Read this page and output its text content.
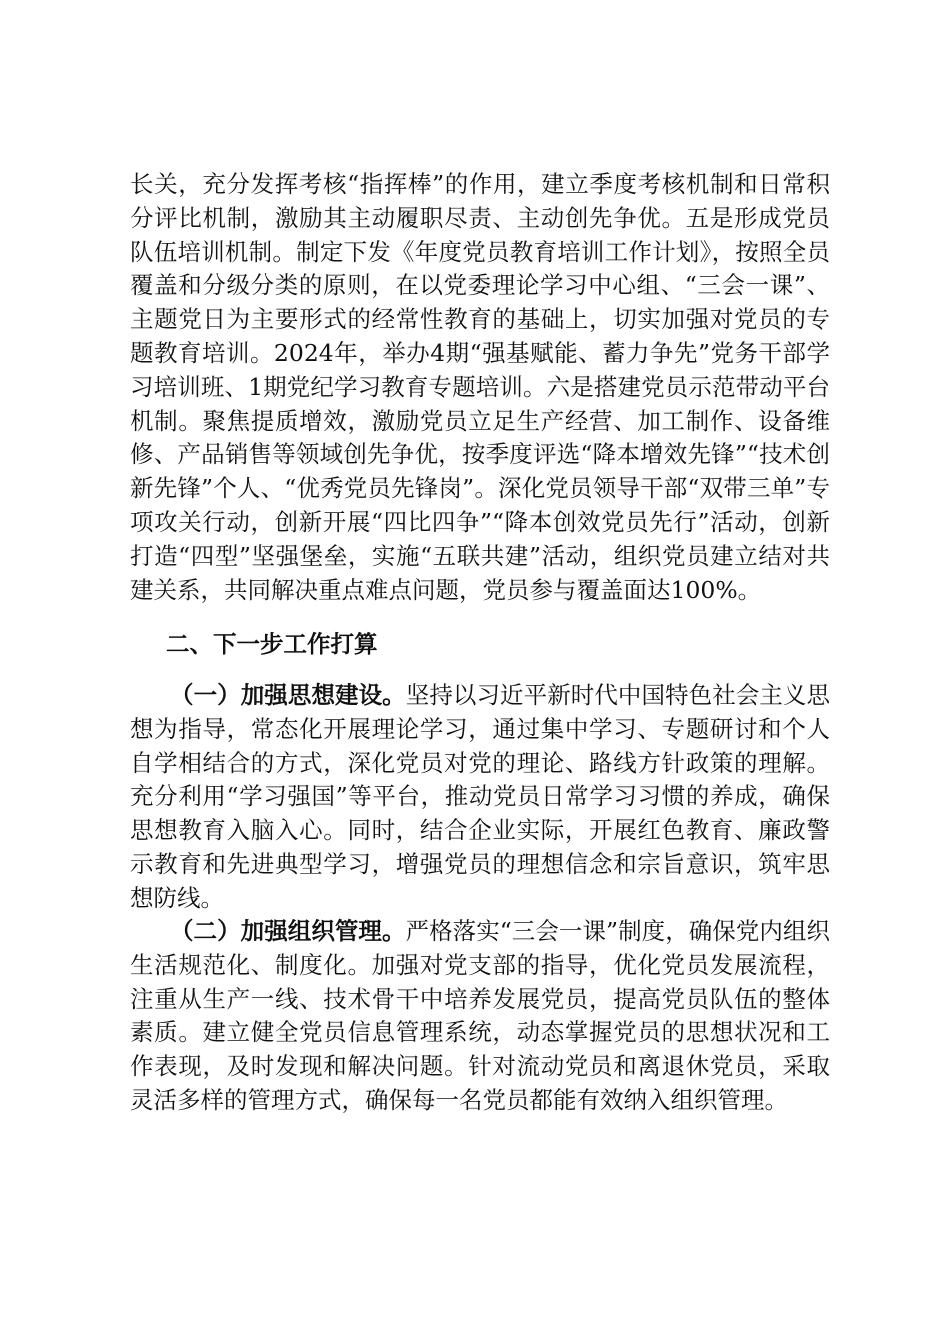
长关，充分发挥考核“指挥棒”的作用，建立季度考核机制和日常积分评比机制，激励其主动履职尽责、主动创先争优。五是形成党员队伍培训机制。制定下发《年度党员教育培训工作计划》，按照全员覆盖和分级分类的原则，在以党委理论学习中心组、“三会一课”、主题党日为主要形式的经常性教育的基础上，切实加强对党员的专题教育培训。2024年，举办4期“强基赋能、蓄力争先”党务干部学习培训班、1期党纪学习教育专题培训。六是搭建党员示范带动平台机制。聚焦提质增效，激励党员立足生产经营、加工制作、设备维修、产品销售等领域创先争优，按季度评选“降本增效先锋”“技术创新先锋”个人、“优秀党员先锋岗”。深化党员领导干部“双带三单”专项攻关行动，创新开展“四比四争”“降本创效党员先行”活动，创新打造“四型”坚强堡垒，实施“五联共建”活动，组织党员建立结对共建关系，共同解决重点难点问题，党员参与覆盖面达100%。

二、下一步工作打算

（一）加强思想建设。坚持以习近平新时代中国特色社会主义思想为指导，常态化开展理论学习，通过集中学习、专题研讨和个人自学相结合的方式，深化党员对党的理论、路线方针政策的理解。充分利用“学习强国”等平台，推动党员日常学习习惯的养成，确保思想教育入脑入心。同时，结合企业实际，开展红色教育、廉政警示教育和先进典型学习，增强党员的理想信念和宗旨意识，筑牢思想防线。

（二）加强组织管理。严格落实“三会一课”制度，确保党内组织生活规范化、制度化。加强对党支部的指导，优化党员发展流程，注重从生产一线、技术骨干中培养发展党员，提高党员队伍的整体素质。建立健全党员信息管理系统，动态掌握党员的思想状况和工作表现，及时发现和解决问题。针对流动党员和离退休党员，采取灵活多样的管理方式，确保每一名党员都能有效纳入组织管理。
